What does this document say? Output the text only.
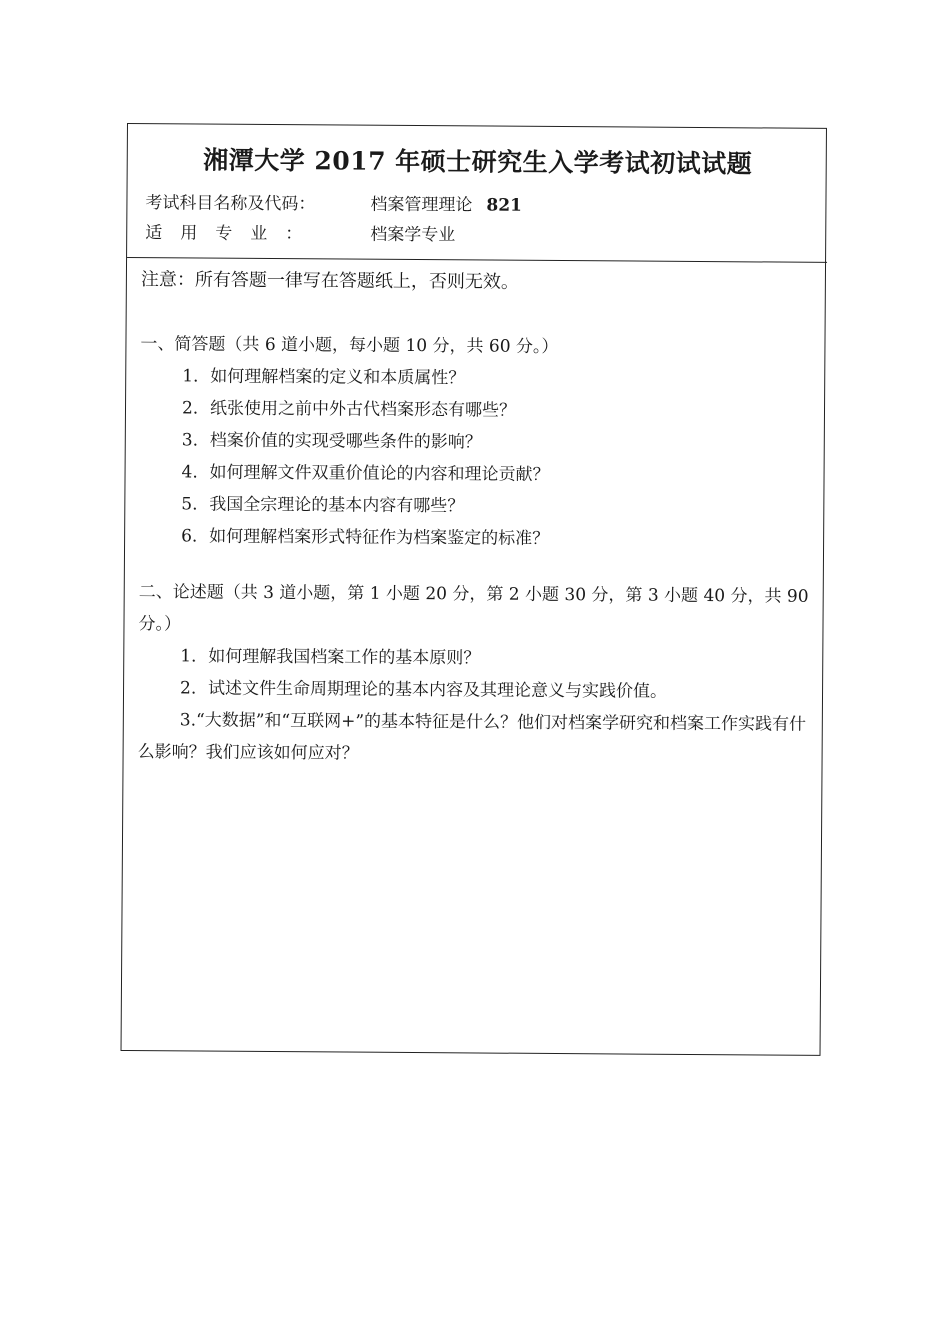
湘潭大学 2017 年硕士研究生入学考试初试试题
考试科目名称及代码：	档案管理理论 821
适用专业：	档案学专业
注意：所有答题一律写在答题纸上，否则无效。

一、简答题（共 6 道小题，每小题 10 分，共 60 分。）

1. 如何理解档案的定义和本质属性？
2. 纸张使用之前中外古代档案形态有哪些？
3. 档案价值的实现受哪些条件的影响？
4. 如何理解文件双重价值论的内容和理论贡献？
5. 我国全宗理论的基本内容有哪些？
6. 如何理解档案形式特征作为档案鉴定的标准？

二、论述题（共 3 道小题，第 1 小题 20 分，第 2 小题 30 分，第 3 小题 40 分，共 90 分。）

1. 如何理解我国档案工作的基本原则？
2. 试述文件生命周期理论的基本内容及其理论意义与实践价值。
3.“大数据”和“互联网+”的基本特征是什么？他们对档案学研究和档案工作实践有什么影响？我们应该如何应对？
